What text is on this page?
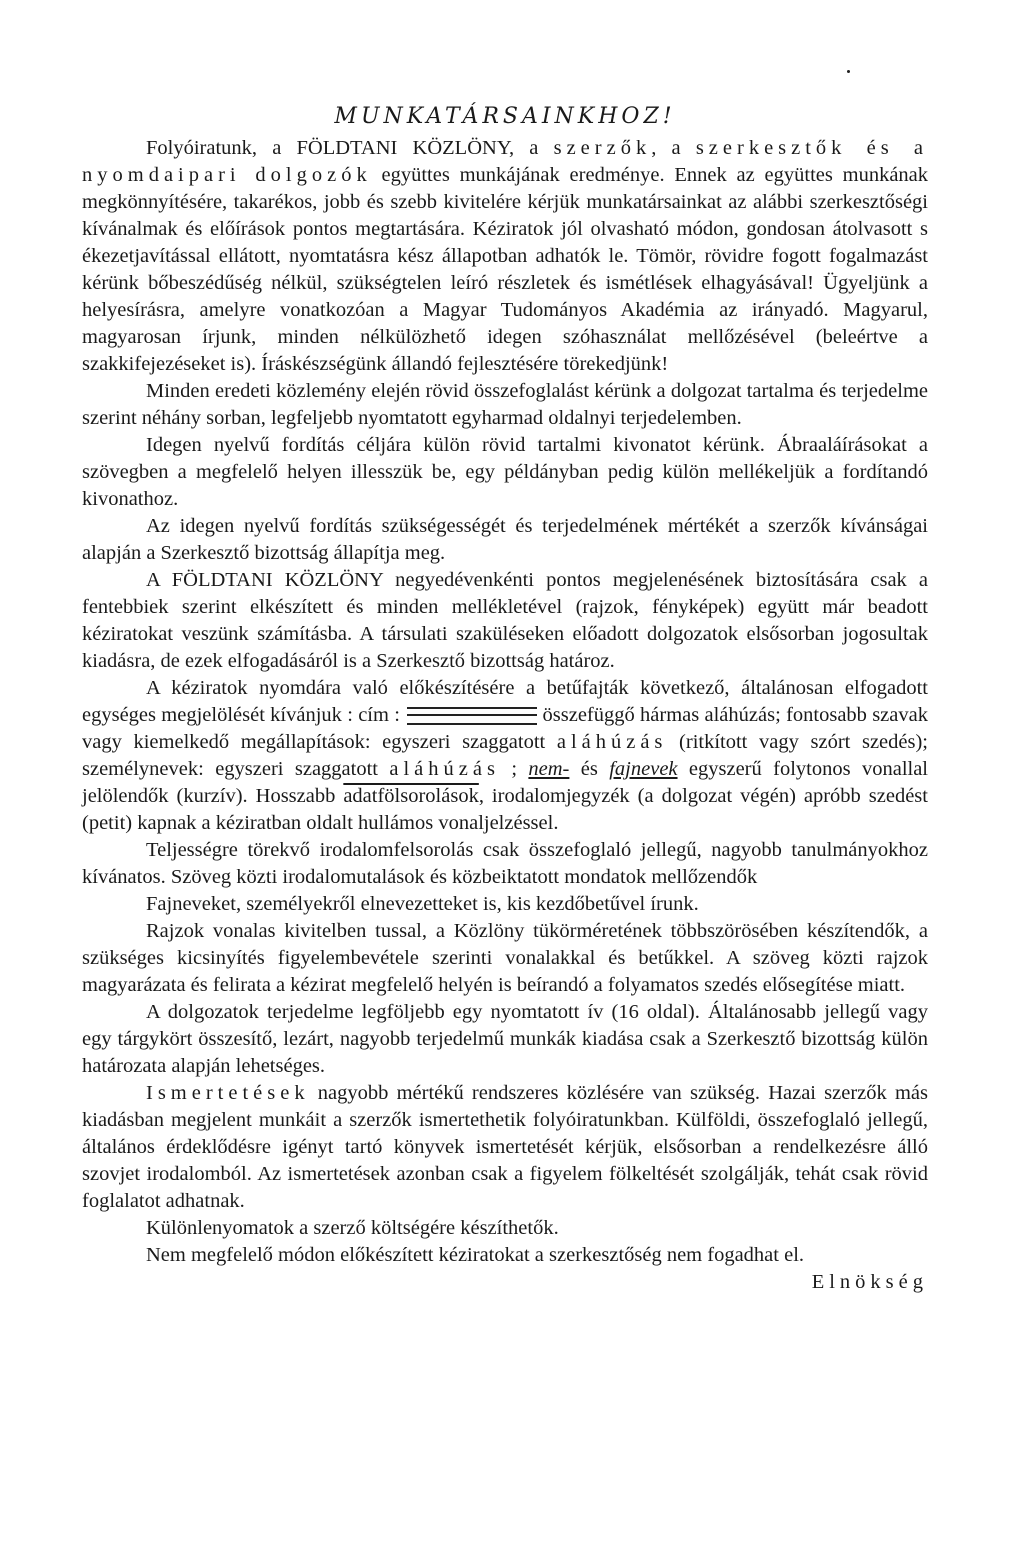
MUNKATÁRSAINKHOZ!

Folyóiratunk, a FÖLDTANI KÖZLÖNY, a szerzők, a szerkesztők és a nyomdaipari dolgozók együttes munkájának eredménye. Ennek az együttes munkának megkönnyítésére, takarékos, jobb és szebb kivitelére kérjük munkatársainkat az alábbi szerkesztőségi kívánalmak és előírások pontos megtartására. Kéziratok jól olvasható módon, gondosan átolvasott s ékezetjavítással ellátott, nyomtatásra kész állapotban adhatók le. Tömör, rövidre fogott fogalmazást kérünk bőbeszédűség nélkül, szükségtelen leíró részletek és ismétlések elhagyásával! Ügyeljünk a helyesírásra, amelyre vonatkozóan a Magyar Tudományos Akadémia az irányadó. Magyarul, magyarosan írjunk, minden nélkülözhető idegen szóhasználat mellőzésével (beleértve a szakkifejezéseket is). Íráskészségünk állandó fejlesztésére törekedjünk!

Minden eredeti közlemény elején rövid összefoglalást kérünk a dolgozat tartalma és terjedelme szerint néhány sorban, legfeljebb nyomtatott egyharmad oldalnyi terjedelemben.

Idegen nyelvű fordítás céljára külön rövid tartalmi kivonatot kérünk. Ábraaláírásokat a szövegben a megfelelő helyen illesszük be, egy példányban pedig külön mellékeljük a fordítandó kivonathoz.

Az idegen nyelvű fordítás szükségességét és terjedelmének mértékét a szerzők kívánságai alapján a Szerkesztő bizottság állapítja meg.

A FÖLDTANI KÖZLÖNY negyedévenkénti pontos megjelenésének biztosítására csak a fentebbiek szerint elkészített és minden mellékletével (rajzok, fényképek) együtt már beadott kéziratokat veszünk számításba. A társulati szaküléseken előadott dolgozatok elsősorban jogosultak kiadásra, de ezek elfogadásáról is a Szerkesztő bizottság határoz.

A kéziratok nyomdára való előkészítésére a betűfajták következő, általánosan elfogadott egységes megjelölését kívánjuk : cím :	összefüggő hármas aláhúzás; fontosabb szavak vagy kiemelkedő megállapítások: egyszeri szaggatott aláhúzás (ritkított vagy szórt szedés); személynevek: egyszeri szaggatott aláhúzás ; nem- és fajnevek egyszerű folytonos vonallal jelölendők (kurzív). Hosszabb adatfölsorolások, irodalomjegyzék (a dolgozat végén) apróbb szedést (petit) kapnak a kéziratban oldalt hullámos vonaljelzéssel.

Teljességre törekvő irodalomfelsorolás csak összefoglaló jellegű, nagyobb tanulmányokhoz kívánatos. Szöveg közti irodalomutalások és közbeiktatott mondatok mellőzendők

Fajneveket, személyekről elnevezetteket is, kis kezdőbetűvel írunk.

Rajzok vonalas kivitelben tussal, a Közlöny tükörméretének többszörösében készítendők, a szükséges kicsinyítés figyelembevétele szerinti vonalakkal és betűkkel. A szöveg közti rajzok magyarázata és felirata a kézirat megfelelő helyén is beírandó a folyamatos szedés elősegítése miatt.

A dolgozatok terjedelme legföljebb egy nyomtatott ív (16 oldal). Általánosabb jellegű vagy egy tárgykört összesítő, lezárt, nagyobb terjedelmű munkák kiadása csak a Szerkesztő bizottság külön határozata alapján lehetséges.

Ismertetések nagyobb mértékű rendszeres közlésére van szükség. Hazai szerzők más kiadásban megjelent munkáit a szerzők ismertethetik folyóiratunkban. Külföldi, összefoglaló jellegű, általános érdeklődésre igényt tartó könyvek ismertetését kérjük, elsősorban a rendelkezésre álló szovjet irodalomból. Az ismertetések azonban csak a figyelem fölkeltését szolgálják, tehát csak rövid foglalatot adhatnak.

Különlenyomatok a szerző költségére készíthetők.

Nem megfelelő módon előkészített kéziratokat a szerkesztőség nem fogadhat el.

Elnökség
